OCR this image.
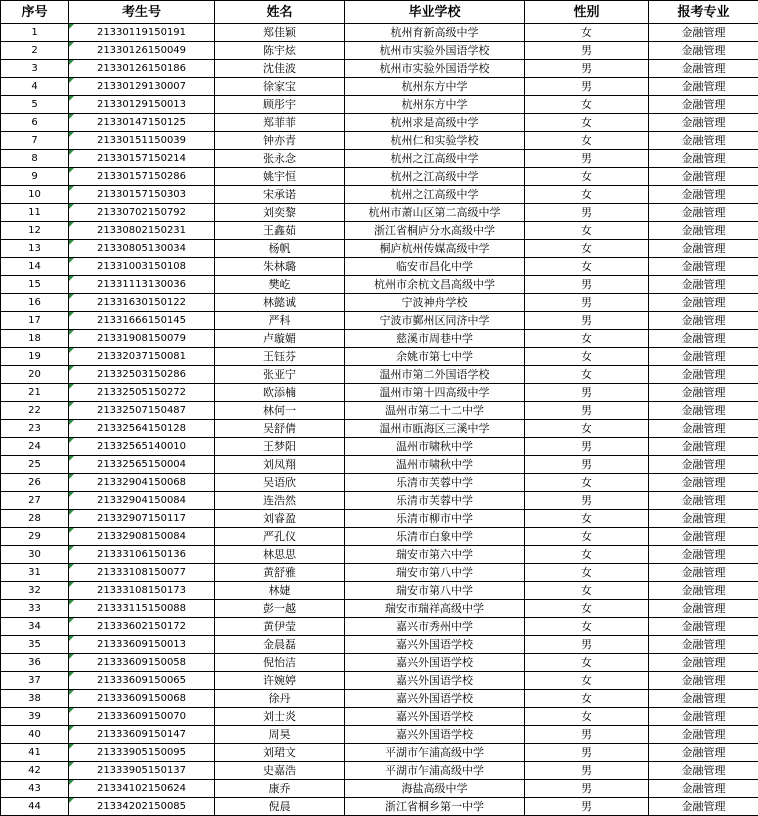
序号	考生号	姓名	毕业学校	性别	报考专业
1	21330119150191	郑佳颖	杭州育新高级中学	女	金融管理
2	21330126150049	陈宇炫	杭州市实验外国语学校	男	金融管理
3	21330126150186	沈佳波	杭州市实验外国语学校	男	金融管理
4	21330129130007	徐家宝	杭州东方中学	男	金融管理
5	21330129150013	顾彤宇	杭州东方中学	女	金融管理
6	21330147150125	郑菲菲	杭州求是高级中学	女	金融管理
7	21330151150039	钟亦青	杭州仁和实验学校	女	金融管理
8	21330157150214	张永念	杭州之江高级中学	男	金融管理
9	21330157150286	姚宇恒	杭州之江高级中学	女	金融管理
10	21330157150303	宋承诺	杭州之江高级中学	女	金融管理
11	21330702150792	刘奕黎	杭州市萧山区第二高级中学	男	金融管理
12	21330802150231	王鑫茹	浙江省桐庐分水高级中学	女	金融管理
13	21330805130034	杨帆	桐庐杭州传媒高级中学	女	金融管理
14	21331003150108	朱林璐	临安市昌化中学	女	金融管理
15	21331113130036	樊屹	杭州市余杭文昌高级中学	男	金融管理
16	21331630150122	林懿诚	宁波神舟学校	男	金融管理
17	21331666150145	严科	宁波市鄞州区同济中学	男	金融管理
18	21331908150079	卢璇媚	慈溪市周巷中学	女	金融管理
19	21332037150081	王钰芬	余姚市第七中学	女	金融管理
20	21332503150286	张亚宁	温州市第二外国语学校	女	金融管理
21	21332505150272	欧添楠	温州市第十四高级中学	男	金融管理
22	21332507150487	林何一	温州市第二十二中学	男	金融管理
23	21332564150128	吴舒倩	温州市瓯海区三溪中学	女	金融管理
24	21332565140010	王梦阳	温州市啸秋中学	男	金融管理
25	21332565150004	刘凤翔	温州市啸秋中学	男	金融管理
26	21332904150068	吴语欣	乐清市芙蓉中学	女	金融管理
27	21332904150084	连浩然	乐清市芙蓉中学	男	金融管理
28	21332907150117	刘睿盈	乐清市柳市中学	女	金融管理
29	21332908150084	严孔仪	乐清市白象中学	女	金融管理
30	21333106150136	林思思	瑞安市第六中学	女	金融管理
31	21333108150077	黄舒雅	瑞安市第八中学	女	金融管理
32	21333108150173	林婕	瑞安市第八中学	女	金融管理
33	21333115150088	彭一越	瑞安市瑞祥高级中学	女	金融管理
34	21333602150172	黄伊莹	嘉兴市秀州中学	女	金融管理
35	21333609150013	金晨磊	嘉兴外国语学校	男	金融管理
36	21333609150058	倪怡洁	嘉兴外国语学校	女	金融管理
37	21333609150065	许婉婷	嘉兴外国语学校	女	金融管理
38	21333609150068	徐丹	嘉兴外国语学校	女	金融管理
39	21333609150070	刘士炎	嘉兴外国语学校	女	金融管理
40	21333609150147	周昊	嘉兴外国语学校	男	金融管理
41	21333905150095	刘珺文	平湖市乍浦高级中学	男	金融管理
42	21333905150137	史嘉浩	平湖市乍浦高级中学	男	金融管理
43	21334102150624	康乔	海盐高级中学	男	金融管理
44	21334202150085	倪晨	浙江省桐乡第一中学	男	金融管理
